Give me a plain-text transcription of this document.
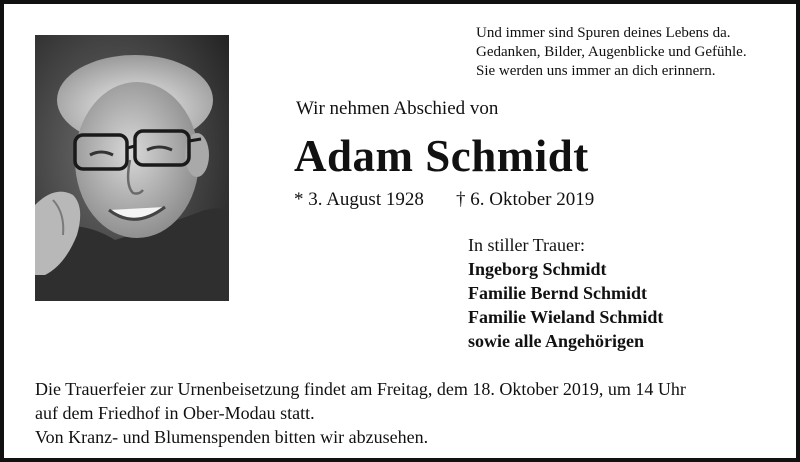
Und immer sind Spuren deines Lebens da.
Gedanken, Bilder, Augenblicke und Gefühle.
Sie werden uns immer an dich erinnern.
Wir nehmen Abschied von
Adam Schmidt
* 3. August 1928 † 6. Oktober 2019
In stiller Trauer:
Ingeborg Schmidt
Familie Bernd Schmidt
Familie Wieland Schmidt
sowie alle Angehörigen
Die Trauerfeier zur Urnenbeisetzung findet am Freitag, dem 18. Oktober 2019, um 14 Uhr
auf dem Friedhof in Ober-Modau statt.
Von Kranz- und Blumenspenden bitten wir abzusehen.
